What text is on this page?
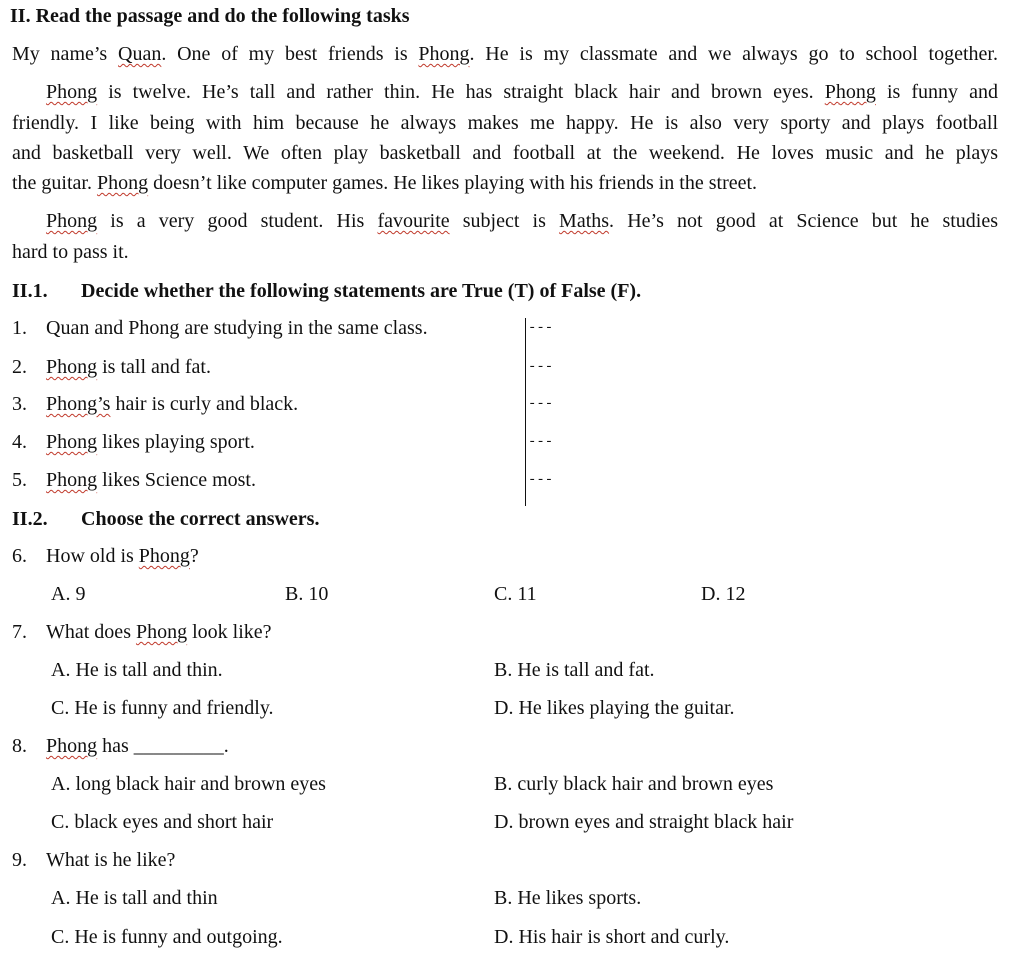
II. Read the passage and do the following tasks
My name’s Quan. One of my best friends is Phong. He is my classmate and we always go to school together.
Phong is twelve. He’s tall and rather thin. He has straight black hair and brown eyes. Phong is funny and
friendly. I like being with him because he always makes me happy. He is also very sporty and plays football
and basketball very well. We often play basketball and football at the weekend. He loves music and he plays
the guitar. Phong doesn’t like computer games. He likes playing with his friends in the street.
Phong is a very good student. His favourite subject is Maths. He’s not good at Science but he studies
hard to pass it.
II.1. Decide whether the following statements are True (T) of False (F).
1. Quan and Phong are studying in the same class.	---
2. Phong is tall and fat.	---
3. Phong’s hair is curly and black.	---
4. Phong likes playing sport.	---
5. Phong likes Science most.	---
II.2. Choose the correct answers.
6. How old is Phong?
A. 9	B. 10	C. 11	D. 12
7. What does Phong look like?
A. He is tall and thin.	B. He is tall and fat.
C. He is funny and friendly.	D. He likes playing the guitar.
8. Phong has _________.
A. long black hair and brown eyes	B. curly black hair and brown eyes
C. black eyes and short hair	D. brown eyes and straight black hair
9. What is he like?
A. He is tall and thin	B. He likes sports.
C. He is funny and outgoing.	D. His hair is short and curly.
